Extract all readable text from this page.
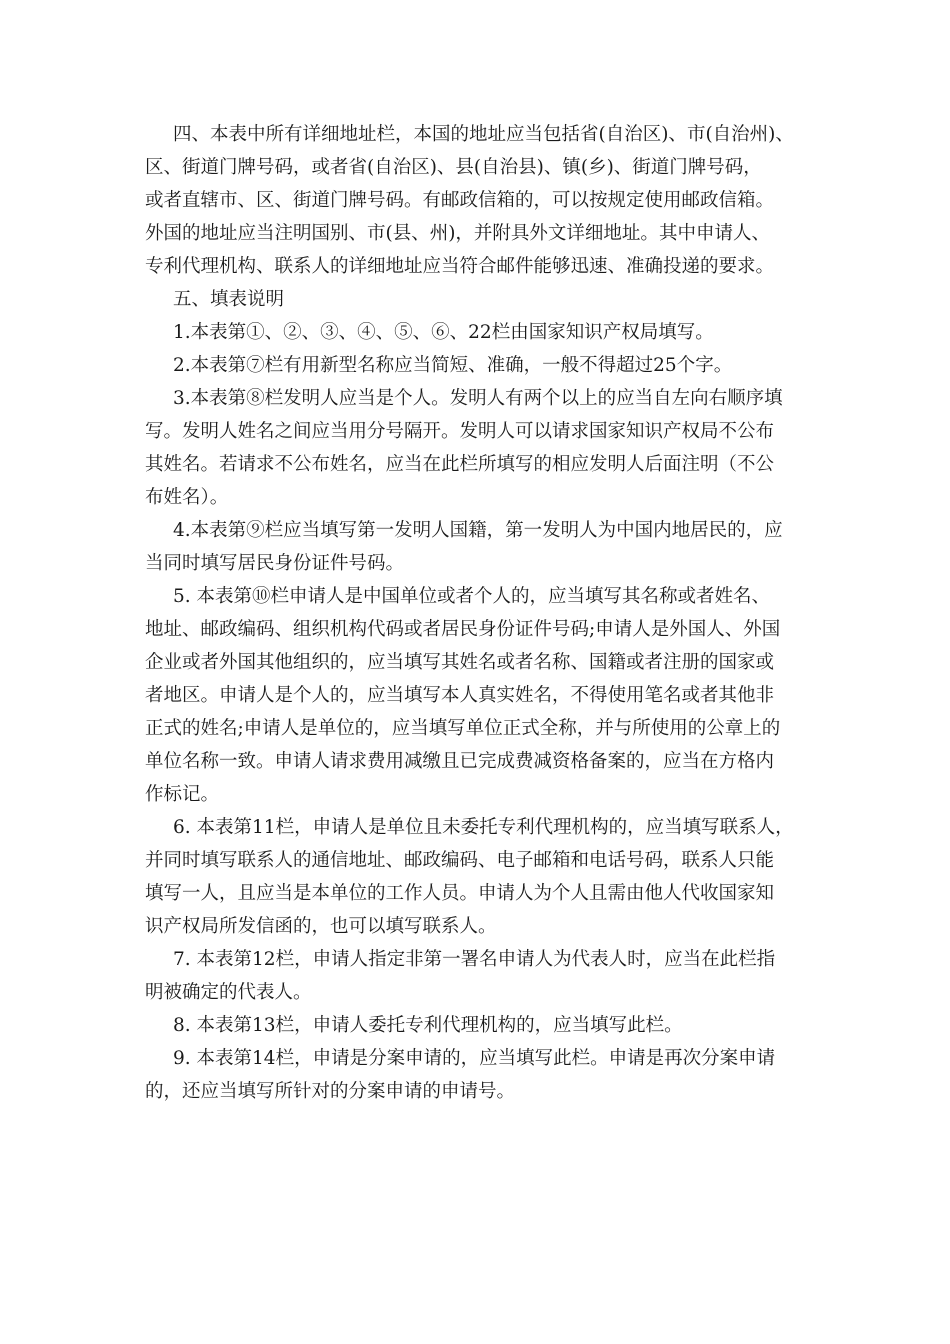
四、本表中所有详细地址栏，本国的地址应当包括省(自治区)、市(自治州)、
区、街道门牌号码，或者省(自治区)、县(自治县)、镇(乡)、街道门牌号码，
或者直辖市、区、街道门牌号码。有邮政信箱的，可以按规定使用邮政信箱。
外国的地址应当注明国别、市(县、州)，并附具外文详细地址。其中申请人、
专利代理机构、联系人的详细地址应当符合邮件能够迅速、准确投递的要求。
五、填表说明
1.本表第①、②、③、④、⑤、⑥、22栏由国家知识产权局填写。
2.本表第⑦栏有用新型名称应当简短、准确，一般不得超过25个字。
3.本表第⑧栏发明人应当是个人。发明人有两个以上的应当自左向右顺序填
写。发明人姓名之间应当用分号隔开。发明人可以请求国家知识产权局不公布
其姓名。若请求不公布姓名，应当在此栏所填写的相应发明人后面注明（不公
布姓名）。
4.本表第⑨栏应当填写第一发明人国籍，第一发明人为中国内地居民的，应
当同时填写居民身份证件号码。
5. 本表第⑩栏申请人是中国单位或者个人的，应当填写其名称或者姓名、
地址、邮政编码、组织机构代码或者居民身份证件号码;申请人是外国人、外国
企业或者外国其他组织的，应当填写其姓名或者名称、国籍或者注册的国家或
者地区。申请人是个人的，应当填写本人真实姓名，不得使用笔名或者其他非
正式的姓名;申请人是单位的，应当填写单位正式全称，并与所使用的公章上的
单位名称一致。申请人请求费用减缴且已完成费减资格备案的，应当在方格内
作标记。
6. 本表第11栏，申请人是单位且未委托专利代理机构的，应当填写联系人，
并同时填写联系人的通信地址、邮政编码、电子邮箱和电话号码，联系人只能
填写一人，且应当是本单位的工作人员。申请人为个人且需由他人代收国家知
识产权局所发信函的，也可以填写联系人。
7. 本表第12栏，申请人指定非第一署名申请人为代表人时，应当在此栏指
明被确定的代表人。
8. 本表第13栏，申请人委托专利代理机构的，应当填写此栏。
9. 本表第14栏，申请是分案申请的，应当填写此栏。申请是再次分案申请
的，还应当填写所针对的分案申请的申请号。
